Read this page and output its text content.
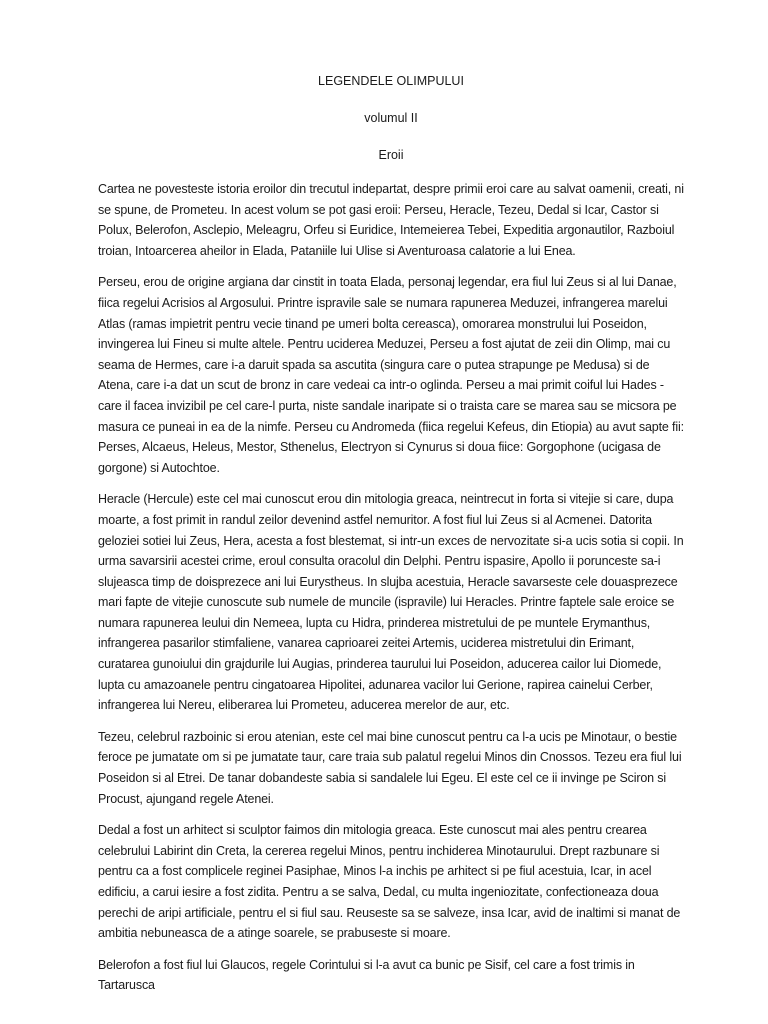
LEGENDELE OLIMPULUI

volumul II

Eroii

Cartea ne povesteste istoria eroilor din trecutul indepartat, despre primii eroi care au salvat oamenii, creati, ni se spune, de Prometeu. In acest volum se pot gasi eroii: Perseu, Heracle, Tezeu, Dedal si Icar, Castor si Polux, Belerofon, Asclepio, Meleagru, Orfeu si Euridice, Intemeierea Tebei, Expeditia argonautilor, Razboiul troian, Intoarcerea aheilor in Elada, Pataniile lui Ulise si Aventuroasa calatorie a lui Enea.

Perseu, erou de origine argiana dar cinstit in toata Elada, personaj legendar, era fiul lui Zeus si al lui Danae, fiica regelui Acrisios al Argosului. Printre ispravile sale se numara rapunerea Meduzei, infrangerea marelui Atlas (ramas impietrit pentru vecie tinand pe umeri bolta cereasca), omorarea monstrului lui Poseidon, invingerea lui Fineu si multe altele. Pentru uciderea Meduzei, Perseu a fost ajutat de zeii din Olimp, mai cu seama de Hermes, care i-a daruit spada sa ascutita (singura care o putea strapunge pe Medusa) si de Atena, care i-a dat un scut de bronz in care vedeai ca intr-o oglinda. Perseu a mai primit coiful lui Hades - care il facea invizibil pe cel care-l purta, niste sandale inaripate si o traista care se marea sau se micsora pe masura ce puneai in ea de la nimfe. Perseu cu Andromeda (fiica regelui Kefeus, din Etiopia) au avut sapte fii: Perses, Alcaeus, Heleus, Mestor, Sthenelus, Electryon si Cynurus si doua fiice: Gorgophone (ucigasa de gorgone) si Autochtoe.

Heracle (Hercule) este cel mai cunoscut erou din mitologia greaca, neintrecut in forta si vitejie si care, dupa moarte, a fost primit in randul zeilor devenind astfel nemuritor. A fost fiul lui Zeus si al Acmenei. Datorita geloziei sotiei lui Zeus, Hera, acesta a fost blestemat, si intr-un exces de nervozitate si-a ucis sotia si copii. In urma savarsirii acestei crime, eroul consulta oracolul din Delphi. Pentru ispasire, Apollo ii porunceste sa-i slujeasca timp de doisprezece ani lui Eurystheus. In slujba acestuia, Heracle savarseste cele douasprezece mari fapte de vitejie cunoscute sub numele de muncile (ispravile) lui Heracles. Printre faptele sale eroice se numara rapunerea leului din Nemeea, lupta cu Hidra, prinderea mistretului de pe muntele Erymanthus, infrangerea pasarilor stimfaliene, vanarea caprioarei zeitei Artemis, uciderea mistretului din Erimant, curatarea gunoiului din grajdurile lui Augias, prinderea taurului lui Poseidon, aducerea cailor lui Diomede, lupta cu amazoanele pentru cingatoarea Hipolitei, adunarea vacilor lui Gerione, rapirea cainelui Cerber, infrangerea lui Nereu, eliberarea lui Prometeu, aducerea merelor de aur, etc.

Tezeu, celebrul razboinic si erou atenian, este cel mai bine cunoscut pentru ca l-a ucis pe Minotaur, o bestie feroce pe jumatate om si pe jumatate taur, care traia sub palatul regelui Minos din Cnossos. Tezeu era fiul lui Poseidon si al Etrei. De tanar dobandeste sabia si sandalele lui Egeu. El este cel ce ii invinge pe Sciron si Procust, ajungand regele Atenei.

Dedal a fost un arhitect si sculptor faimos din mitologia greaca. Este cunoscut mai ales pentru crearea celebrului Labirint din Creta, la cererea regelui Minos, pentru inchiderea Minotaurului. Drept razbunare si pentru ca a fost complicele reginei Pasiphae, Minos l-a inchis pe arhitect si pe fiul acestuia, Icar, in acel edificiu, a carui iesire a fost zidita. Pentru a se salva, Dedal, cu multa ingeniozitate, confectioneaza doua perechi de aripi artificiale, pentru el si fiul sau. Reuseste sa se salveze, insa Icar, avid de inaltimi si manat de ambitia nebuneasca de a atinge soarele, se prabuseste si moare.

Belerofon a fost fiul lui Glaucos, regele Corintului si l-a avut ca bunic pe Sisif, cel care a fost trimis in Tartarusca
